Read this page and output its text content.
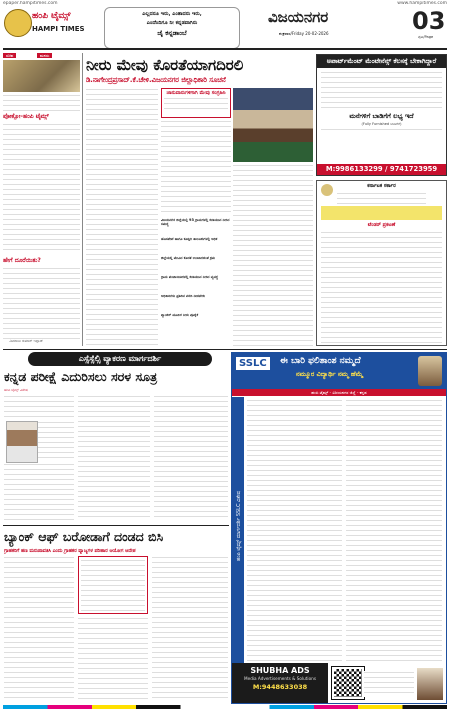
epaper.hampitimes.com	www.hampitimes.com
ಹಂಪಿ ಟೈಮ್ಸ್
HAMPI TIMES
ಎಲ್ಲದರೂ ಇರು, ಎಂತಾದರು ಇರು,
ಎಂದೆಂದಿಗೂ ನೀ ಕನ್ನಡವಾಗಿರು
ಜೈ ಕನ್ನಡಾಂಬೆ
ವಿಜಯನಗರ
ಶುಕ್ರವಾರ/Friday 20-02-2026	03
ಪುಟ/Page
ಸಚಿವ	ಮನಸು
ಪೋಕ್ಸೋ-ಹಂಪಿ ಟೈಮ್ಸ್
ಹೇಗೆ ದೂರೆಯಿತು?
-ಶಿವರಾಜು ಕುಮಾರ್ ಇಲ್ಲಾಡ್
ನೀರು ಮೇವು ಕೊರತೆಯಾಗದಿರಲಿ
ಡಿ.ನಾಗೇಂದ್ರಪ್ರಸಾದ್.ಕೆ.ಚೇಳಿ.ವಿಜಯನಗರ ಜಿಲ್ಲಾಧಿಕಾರಿ ಸೂಚನೆ
ಜಾನುವಾರುಗಳಿಗಾಗಿ ಮೇವು ಸಂಗ್ರಹಿಸಿ
ವಿಜಯನಗರ ಜಿಲ್ಲೆಯಲ್ಲಿ 93 ಗ್ರಾಮಗಳಲ್ಲಿ ಕುಡಿಯುವ ನೀರಿನ ಸಮಸ್ಯೆ
ಹೊಸಪೇಟೆ ಹಾಗೂ ಕೂಡ್ಲಿಗಿ ತಾಲೂಕುಗಳಲ್ಲಿ ಅಧಿಕ
ಜಿಲ್ಲೆಯಲ್ಲಿ ಮೇವಿನ ಕೊರತೆ ಉಂಟಾಗದಂತೆ ಕ್ರಮ
ಗ್ರಾಮ ಪಂಚಾಯಿತಿಗಳಲ್ಲಿ ಕುಡಿಯುವ ನೀರಿನ ವ್ಯವಸ್ಥೆ
ಅಧಿಕಾರಿಗಳು ಪ್ರತಿದಿನ ವರದಿ ನೀಡಬೇಕು
ಟ್ಯಾಂಕರ್ ಮೂಲಕ ನೀರು ಪೂರೈಕೆ
ಅಪಾರ್ಟ್‌ಮೆಂಟ್ ಮೆಂಟೇನೆನ್ಸ್ ಕೆಲಸಕ್ಕೆ ಬೇಕಾಗಿದ್ದಾರೆ
ಮನೆಗಳಿಗೆ ಬಾಡಿಗೆಗೆ ಲಭ್ಯ ಇದೆ
(Fully Furnished ಬಾಡಿಗೆಗೆ)
M:9986133299 / 9741723959
ಕರ್ನಾಟಕ ಸರ್ಕಾರ
ಟೆಂಡರ್ ಪ್ರಕಟಣೆ
ಎಸ್ಸೆಸ್ಸೆಲ್ಸಿ ವ್ಯಾಕರಣ ಮಾರ್ಗದರ್ಶಿ
ಕನ್ನಡ ಪರೀಕ್ಷೆ ಎದುರಿಸಲು ಸರಳ ಸೂತ್ರ
ಹಂಪಿ ಟೈಮ್ಸ್ ವಿಶೇಷ
ಬ್ಯಾಂಕ್ ಆಫ್ ಬರೋಡಾಗೆ ದಂಡದ ಬಿಸಿ
ಗ್ರಾಹಕರಿಗೆ ಹಣ ಮರುಪಾವತಿಸಿ ಎಂದು ಗ್ರಾಹಕರ ವ್ಯಾಜ್ಯಗಳ ಪರಿಹಾರ ಆಯೋಗ ಆದೇಶ
SSLC	ಈ ಬಾರಿ ಫಲಿತಾಂಶ ನಮ್ಮದೆ
ನಮ್ಮೂರ ವಿದ್ಯಾರ್ಥಿ ನಮ್ಮ ಹೆಮ್ಮೆ
ಹಂಪಿ ಟೈಮ್ಸ್ - ವಿಜಯನಗರ ಜಿಲ್ಲೆ - ಕನ್ನಡ
ಹಂಪಿ ಟೈಮ್ಸ್ ಮಾರ್ಗದರ್ಶಿ SSLC ವಿಶೇಷ
SHUBHA ADS
Media Advertisements & Solutions
M:9448633038
